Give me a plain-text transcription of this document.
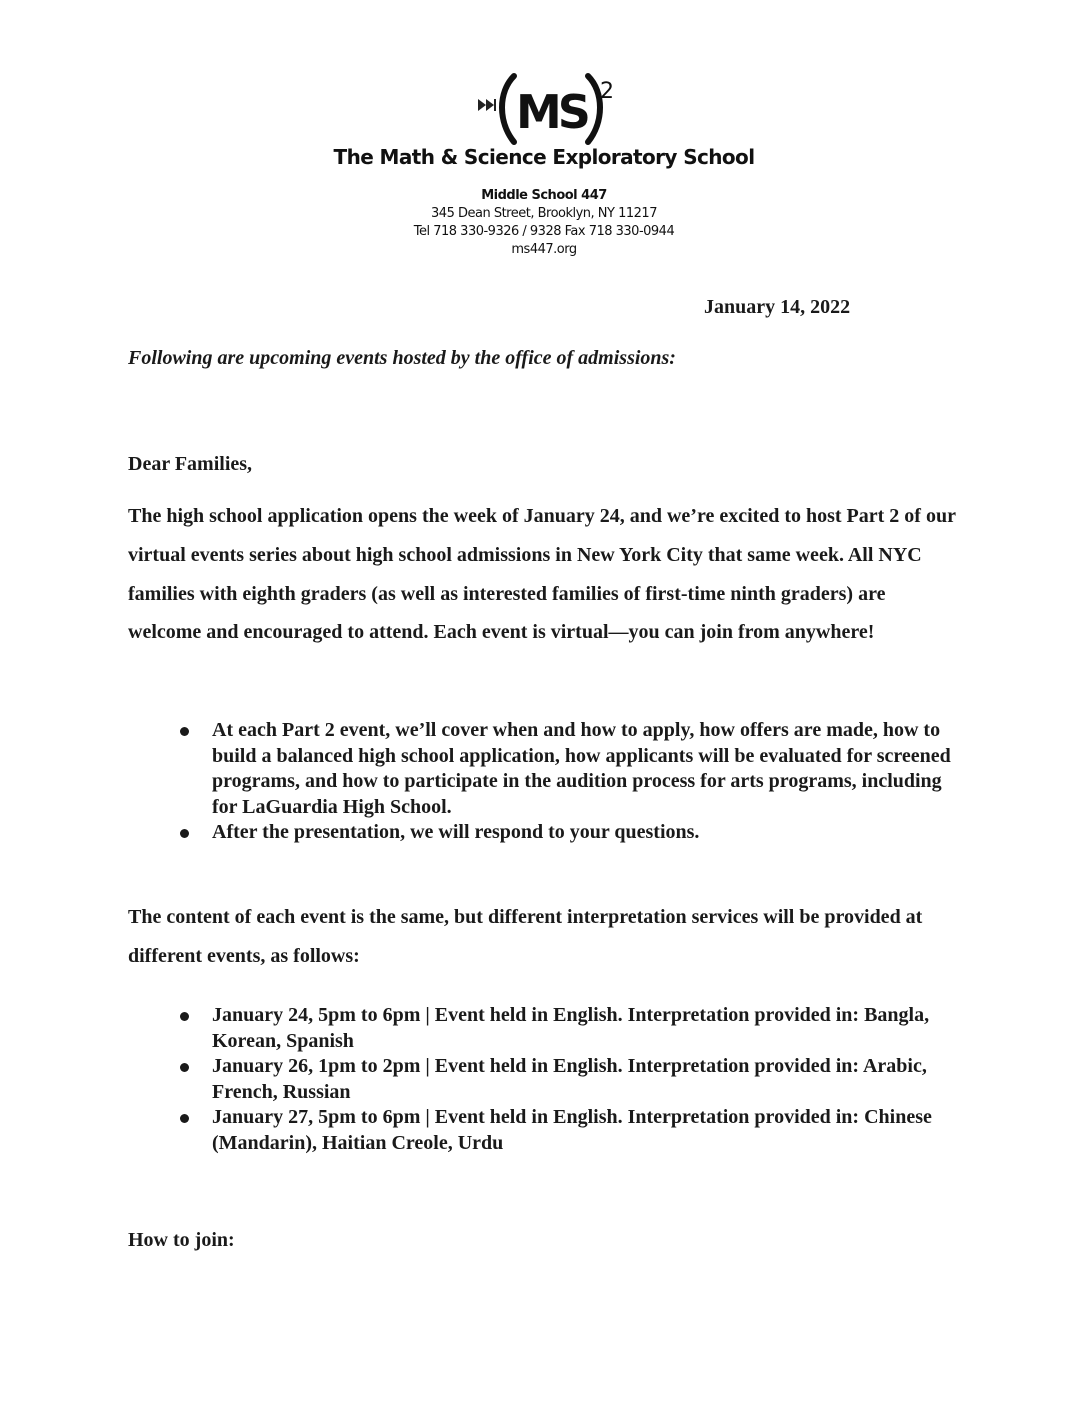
MS 2
The Math & Science Exploratory School
Middle School 447
345 Dean Street, Brooklyn, NY 11217
Tel 718 330-9326 / 9328 Fax 718 330-0944
ms447.org
January 14, 2022
Following are upcoming events hosted by the office of admissions:
Dear Families,
The high school application opens the week of January 24, and we’re excited to host Part 2 of our virtual events series about high school admissions in New York City that same week. All NYC families with eighth graders (as well as interested families of first-time ninth graders) are welcome and encouraged to attend. Each event is virtual—you can join from anywhere!
At each Part 2 event, we’ll cover when and how to apply, how offers are made, how to build a balanced high school application, how applicants will be evaluated for screened programs, and how to participate in the audition process for arts programs, including for LaGuardia High School.
After the presentation, we will respond to your questions.
The content of each event is the same, but different interpretation services will be provided at different events, as follows:
January 24, 5pm to 6pm | Event held in English. Interpretation provided in: Bangla, Korean, Spanish
January 26, 1pm to 2pm | Event held in English. Interpretation provided in: Arabic, French, Russian
January 27, 5pm to 6pm | Event held in English. Interpretation provided in: Chinese (Mandarin), Haitian Creole, Urdu
How to join:
